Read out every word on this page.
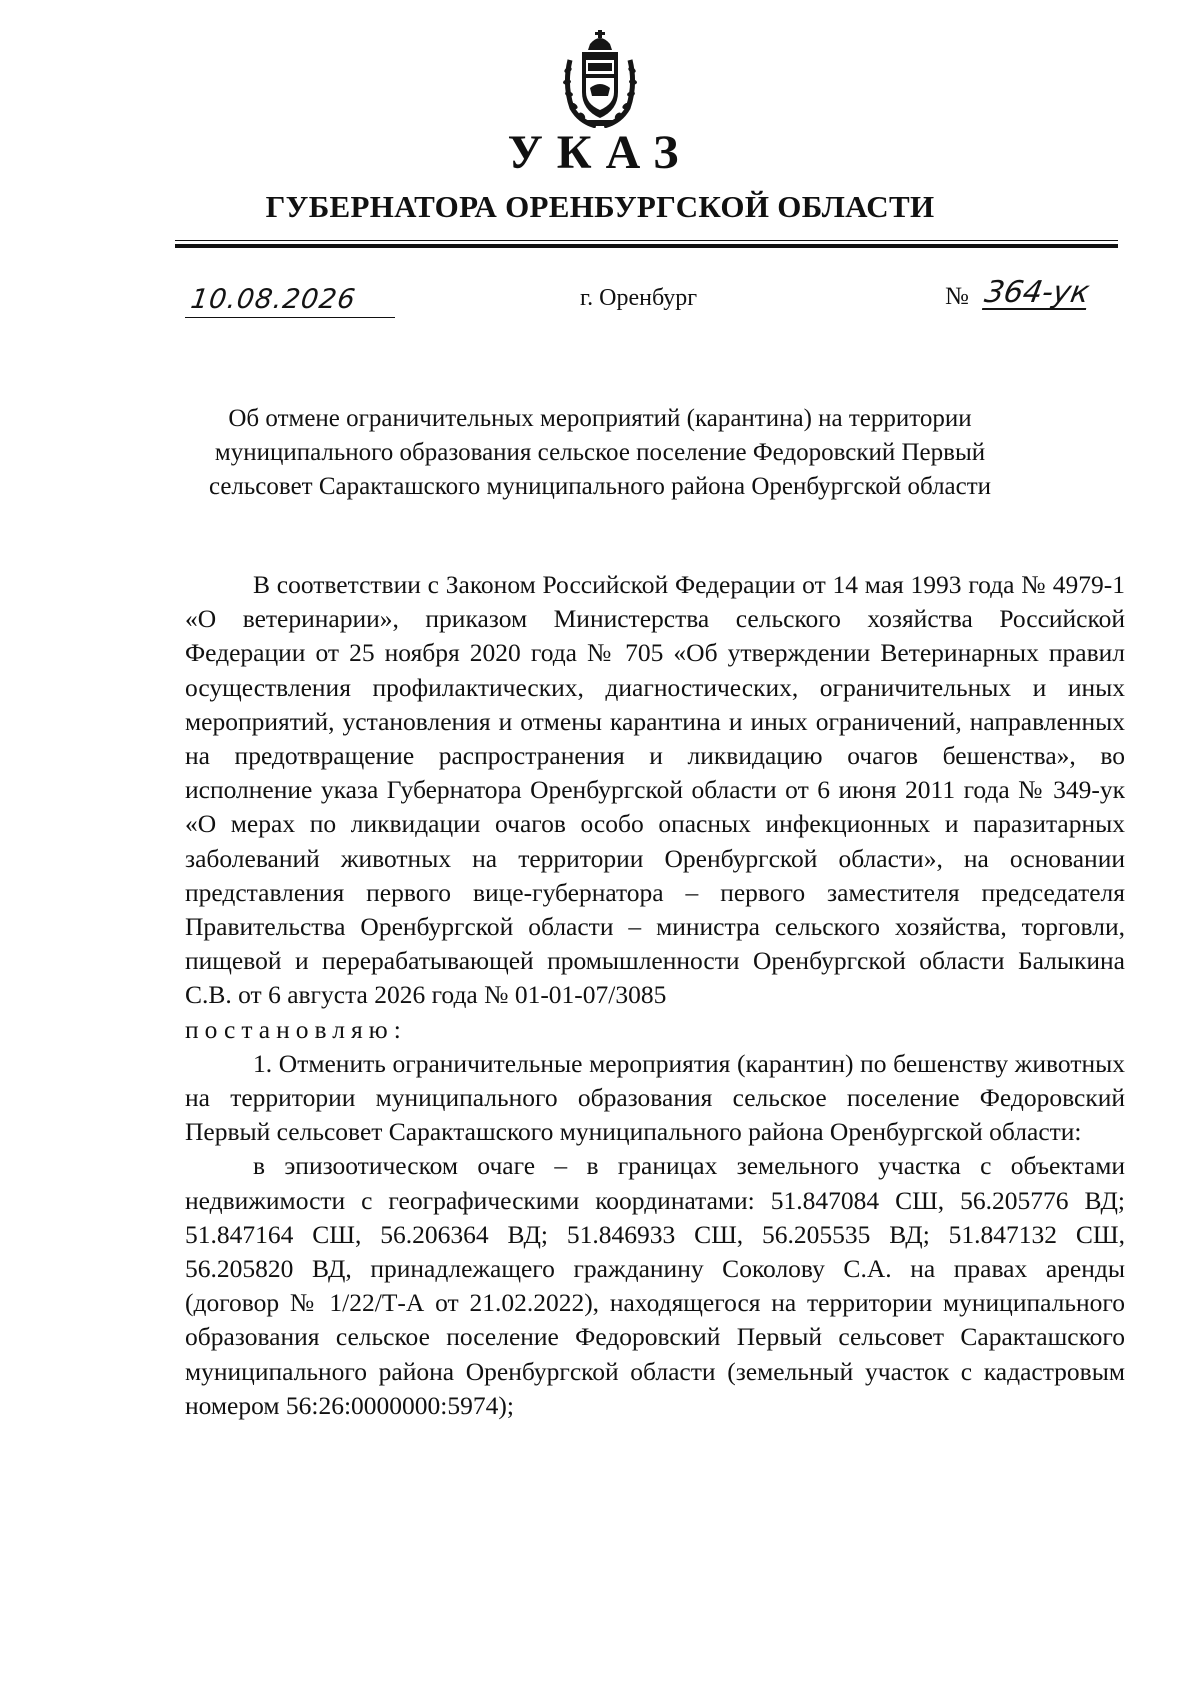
УКАЗ
ГУБЕРНАТОРА ОРЕНБУРГСКОЙ ОБЛАСТИ
10.08.2026	г. Оренбург	№ 364-ук
Об отмене ограничительных мероприятий (карантина) на территории
муниципального образования сельское поселение Федоровский Первый
сельсовет Саракташского муниципального района Оренбургской области

В соответствии с Законом Российской Федерации от 14 мая 1993 года № 4979-1 «О ветеринарии», приказом Министерства сельского хозяйства Российской Федерации от 25 ноября 2020 года № 705 «Об утверждении Ветеринарных правил осуществления профилактических, диагностических, ограничительных и иных мероприятий, установления и отмены карантина и иных ограничений, направленных на предотвращение распространения и ликвидацию очагов бешенства», во исполнение указа Губернатора Оренбургской области от 6 июня 2011 года № 349-ук «О мерах по ликвидации очагов особо опасных инфекционных и паразитарных заболеваний животных на территории Оренбургской области», на основании представления первого вице-губернатора – первого заместителя председателя Правительства Оренбургской области – министра сельского хозяйства, торговли, пищевой и перерабатывающей промышленности Оренбургской области Балыкина С.В. от 6 августа 2026 года № 01-01-07/3085

постановляю:

1. Отменить ограничительные мероприятия (карантин) по бешенству животных на территории муниципального образования сельское поселение Федоровский Первый сельсовет Саракташского муниципального района Оренбургской области:

в эпизоотическом очаге – в границах земельного участка с объектами недвижимости с географическими координатами: 51.847084 СШ, 56.205776 ВД; 51.847164 СШ, 56.206364 ВД; 51.846933 СШ, 56.205535 ВД; 51.847132 СШ, 56.205820 ВД, принадлежащего гражданину Соколову С.А. на правах аренды (договор № 1/22/Т-А от 21.02.2022), находящегося на территории муниципального образования сельское поселение Федоровский Первый сельсовет Саракташского муниципального района Оренбургской области (земельный участок с кадастровым номером 56:26:0000000:5974);
